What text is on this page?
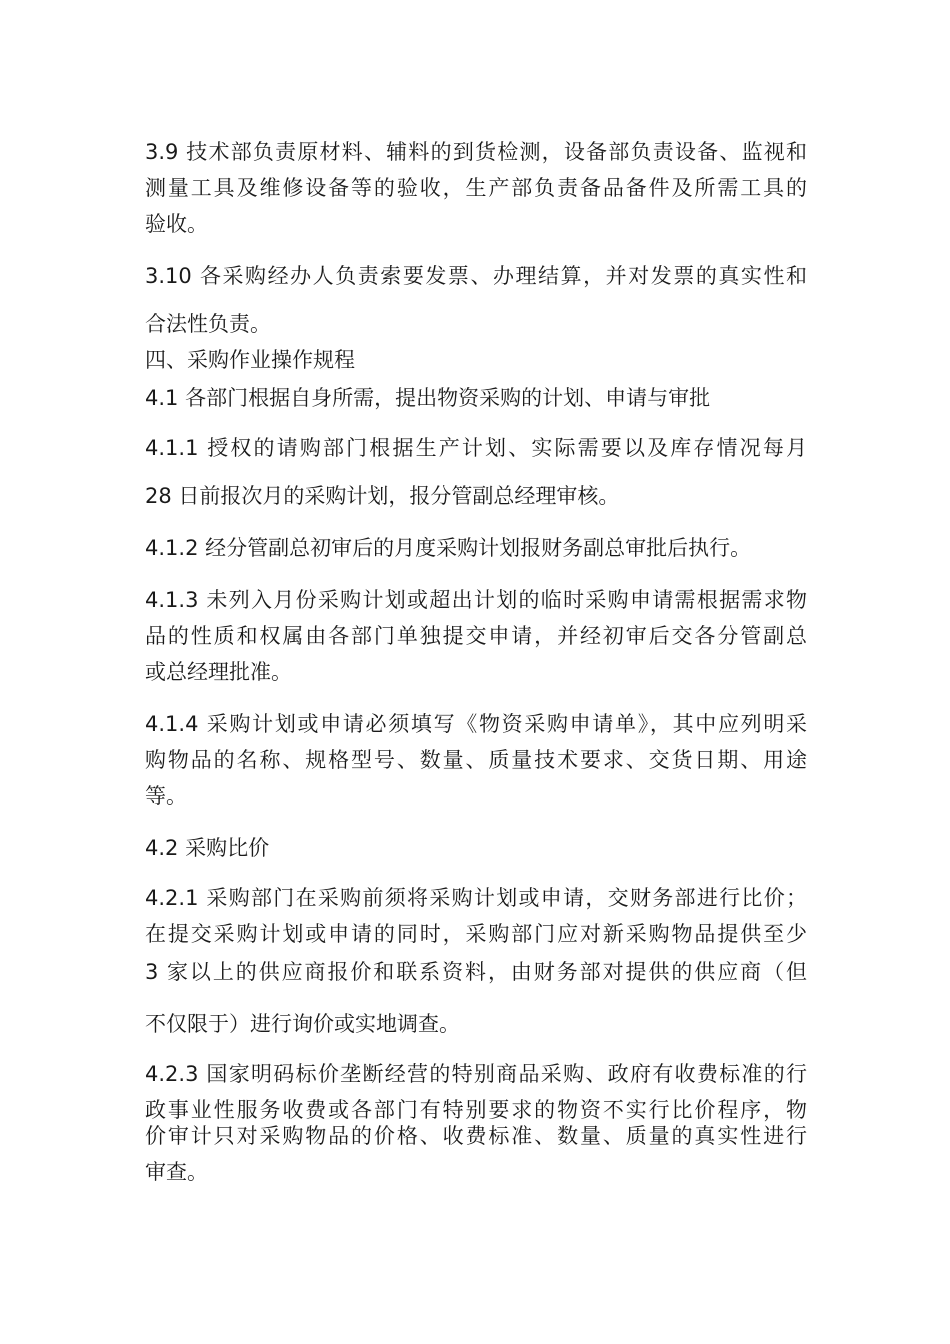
3.9 技术部负责原材料、辅料的到货检测，设备部负责设备、监视和
测量工具及维修设备等的验收，生产部负责备品备件及所需工具的
验收。
3.10 各采购经办人负责索要发票、办理结算，并对发票的真实性和
合法性负责。
四、采购作业操作规程
4.1 各部门根据自身所需，提出物资采购的计划、申请与审批
4.1.1 授权的请购部门根据生产计划、实际需要以及库存情况每月
28 日前报次月的采购计划，报分管副总经理审核。
4.1.2 经分管副总初审后的月度采购计划报财务副总审批后执行。
4.1.3 未列入月份采购计划或超出计划的临时采购申请需根据需求物
品的性质和权属由各部门单独提交申请，并经初审后交各分管副总
或总经理批准。
4.1.4 采购计划或申请必须填写《物资采购申请单》，其中应列明采
购物品的名称、规格型号、数量、质量技术要求、交货日期、用途
等。
4.2 采购比价
4.2.1 采购部门在采购前须将采购计划或申请，交财务部进行比价；
在提交采购计划或申请的同时，采购部门应对新采购物品提供至少
3 家以上的供应商报价和联系资料，由财务部对提供的供应商（但
不仅限于）进行询价或实地调查。
4.2.3 国家明码标价垄断经营的特别商品采购、政府有收费标准的行
政事业性服务收费或各部门有特别要求的物资不实行比价程序，物
价审计只对采购物品的价格、收费标准、数量、质量的真实性进行
审查。
